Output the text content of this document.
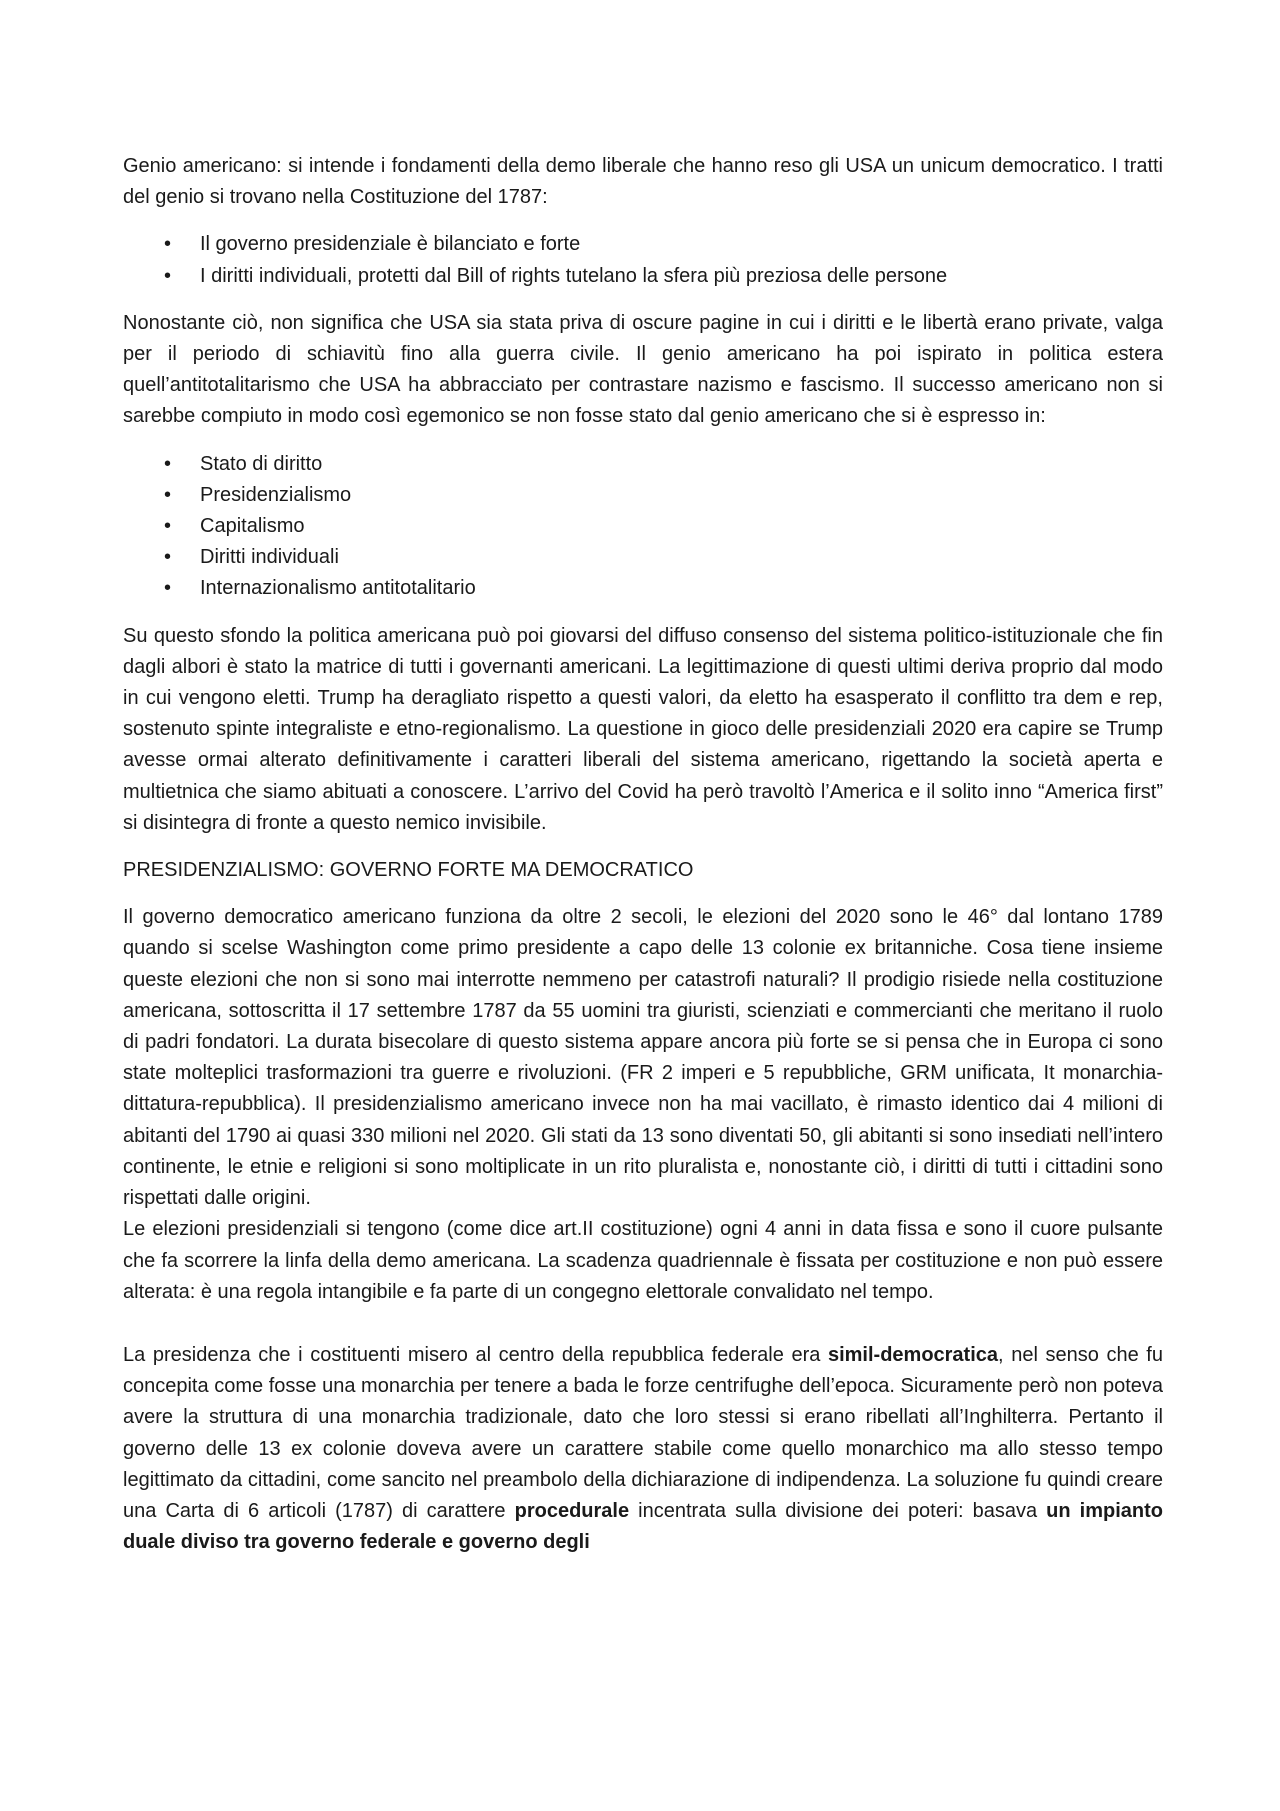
Genio americano: si intende i fondamenti della demo liberale che hanno reso gli USA un unicum democratico. I tratti del genio si trovano nella Costituzione del 1787:

• Il governo presidenziale è bilanciato e forte
• I diritti individuali, protetti dal Bill of rights tutelano la sfera più preziosa delle persone

Nonostante ciò, non significa che USA sia stata priva di oscure pagine in cui i diritti e le libertà erano private, valga per il periodo di schiavitù fino alla guerra civile. Il genio americano ha poi ispirato in politica estera quell’antitotalitarismo che USA ha abbracciato per contrastare nazismo e fascismo. Il successo americano non si sarebbe compiuto in modo così egemonico se non fosse stato dal genio americano che si è espresso in:

• Stato di diritto
• Presidenzialismo
• Capitalismo
• Diritti individuali
• Internazionalismo antitotalitario

Su questo sfondo la politica americana può poi giovarsi del diffuso consenso del sistema politico-istituzionale che fin dagli albori è stato la matrice di tutti i governanti americani. La legittimazione di questi ultimi deriva proprio dal modo in cui vengono eletti. Trump ha deragliato rispetto a questi valori, da eletto ha esasperato il conflitto tra dem e rep, sostenuto spinte integraliste e etno-regionalismo. La questione in gioco delle presidenziali 2020 era capire se Trump avesse ormai alterato definitivamente i caratteri liberali del sistema americano, rigettando la società aperta e multietnica che siamo abituati a conoscere. L’arrivo del Covid ha però travoltò l’America e il solito inno “America first” si disintegra di fronte a questo nemico invisibile.

PRESIDENZIALISMO: GOVERNO FORTE MA DEMOCRATICO

Il governo democratico americano funziona da oltre 2 secoli, le elezioni del 2020 sono le 46° dal lontano 1789 quando si scelse Washington come primo presidente a capo delle 13 colonie ex britanniche. Cosa tiene insieme queste elezioni che non si sono mai interrotte nemmeno per catastrofi naturali? Il prodigio risiede nella costituzione americana, sottoscritta il 17 settembre 1787 da 55 uomini tra giuristi, scienziati e commercianti che meritano il ruolo di padri fondatori. La durata bisecolare di questo sistema appare ancora più forte se si pensa che in Europa ci sono state molteplici trasformazioni tra guerre e rivoluzioni. (FR 2 imperi e 5 repubbliche, GRM unificata, It monarchia-dittatura-repubblica). Il presidenzialismo americano invece non ha mai vacillato, è rimasto identico dai 4 milioni di abitanti del 1790 ai quasi 330 milioni nel 2020. Gli stati da 13 sono diventati 50, gli abitanti si sono insediati nell’intero continente, le etnie e religioni si sono moltiplicate in un rito pluralista e, nonostante ciò, i diritti di tutti i cittadini sono rispettati dalle origini.

Le elezioni presidenziali si tengono (come dice art.II costituzione) ogni 4 anni in data fissa e sono il cuore pulsante che fa scorrere la linfa della demo americana. La scadenza quadriennale è fissata per costituzione e non può essere alterata: è una regola intangibile e fa parte di un congegno elettorale convalidato nel tempo.

La presidenza che i costituenti misero al centro della repubblica federale era simil-democratica, nel senso che fu concepita come fosse una monarchia per tenere a bada le forze centrifughe dell’epoca. Sicuramente però non poteva avere la struttura di una monarchia tradizionale, dato che loro stessi si erano ribellati all’Inghilterra. Pertanto il governo delle 13 ex colonie doveva avere un carattere stabile come quello monarchico ma allo stesso tempo legittimato da cittadini, come sancito nel preambolo della dichiarazione di indipendenza. La soluzione fu quindi creare una Carta di 6 articoli (1787) di carattere procedurale incentrata sulla divisione dei poteri: basava un impianto duale diviso tra governo federale e governo degli
